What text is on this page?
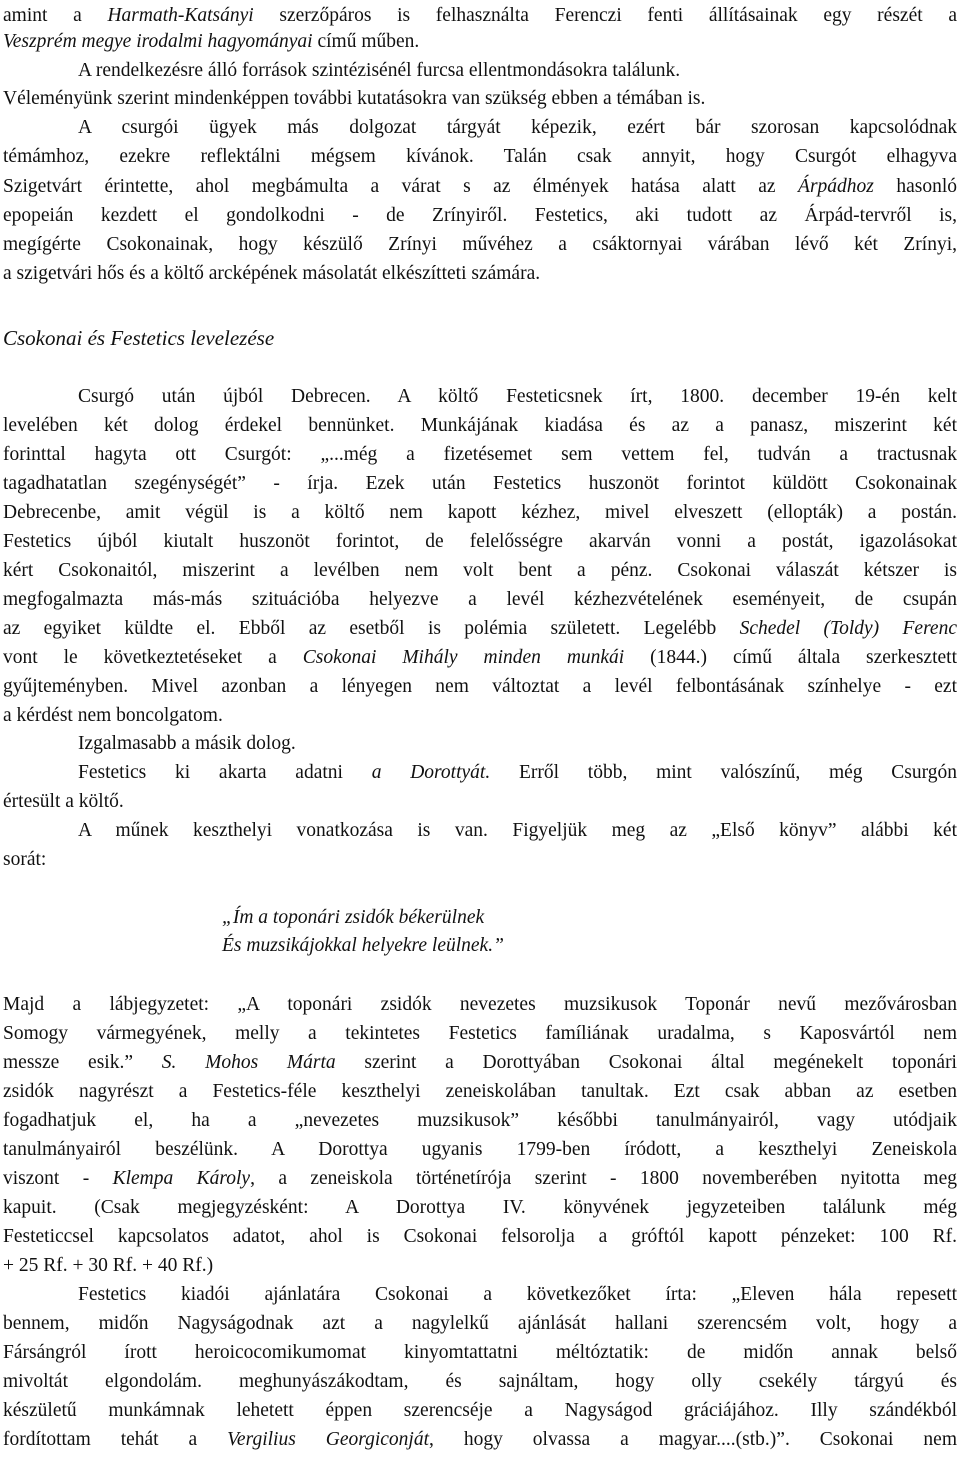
amint a Harmath-Katsányi szerzőpáros is felhasználta Ferenczi fenti állításainak egy részét a
Veszprém megye irodalmi hagyományai című műben.
A rendelkezésre álló források szintézisénél furcsa ellentmondásokra találunk.
Véleményünk szerint mindenképpen további kutatásokra van szükség ebben a témában is.
A csurgói ügyek más dolgozat tárgyát képezik, ezért bár szorosan kapcsolódnak
témámhoz, ezekre reflektálni mégsem kívánok. Talán csak annyit, hogy Csurgót elhagyva
Szigetvárt érintette, ahol megbámulta a várat s az élmények hatása alatt az Árpádhoz hasonló
epopeián kezdett el gondolkodni - de Zrínyiről. Festetics, aki tudott az Árpád-tervről is,
megígérte Csokonainak, hogy készülő Zrínyi művéhez a csáktornyai várában lévő két Zrínyi,
a szigetvári hős és a költő arcképének másolatát elkészítteti számára.
Csokonai és Festetics levelezése
Csurgó után újból Debrecen. A költő Festeticsnek írt, 1800. december 19-én kelt
levelében két dolog érdekel bennünket. Munkájának kiadása és az a panasz, miszerint két
forinttal hagyta ott Csurgót: „...még a fizetésemet sem vettem fel, tudván a tractusnak
tagadhatatlan szegénységét” - írja. Ezek után Festetics huszonöt forintot küldött Csokonainak
Debrecenbe, amit végül is a költő nem kapott kézhez, mivel elveszett (ellopták) a postán.
Festetics újból kiutalt huszonöt forintot, de felelősségre akarván vonni a postát, igazolásokat
kért Csokonaitól, miszerint a levélben nem volt bent a pénz. Csokonai válaszát kétszer is
megfogalmazta más-más szituációba helyezve a levél kézhezvételének eseményeit, de csupán
az egyiket küldte el. Ebből az esetből is polémia született. Legelébb Schedel (Toldy) Ferenc
vont le következtetéseket a Csokonai Mihály minden munkái (1844.) című általa szerkesztett
gyűjteményben. Mivel azonban a lényegen nem változtat a levél felbontásának színhelye - ezt
a kérdést nem boncolgatom.
Izgalmasabb a másik dolog.
Festetics ki akarta adatni a Dorottyát. Erről több, mint valószínű, még Csurgón
értesült a költő.
A műnek keszthelyi vonatkozása is van. Figyeljük meg az „Első könyv” alábbi két
sorát:
„Ím a toponári zsidók békerülnek
És muzsikájokkal helyekre leülnek.”
Majd a lábjegyzetet: „A toponári zsidók nevezetes muzsikusok Toponár nevű mezővárosban
Somogy vármegyének, melly a tekintetes Festetics famíliának uradalma, s Kaposvártól nem
messze esik.” S. Mohos Márta szerint a Dorottyában Csokonai által megénekelt toponári
zsidók nagyrészt a Festetics-féle keszthelyi zeneiskolában tanultak. Ezt csak abban az esetben
fogadhatjuk el, ha a „nevezetes muzsikusok” későbbi tanulmányairól, vagy utódjaik
tanulmányairól beszélünk. A Dorottya ugyanis 1799-ben íródott, a keszthelyi Zeneiskola
viszont - Klempa Károly, a zeneiskola történetírója szerint - 1800 novemberében nyitotta meg
kapuit. (Csak megjegyzésként: A Dorottya IV. könyvének jegyzeteiben találunk még
Festeticcsel kapcsolatos adatot, ahol is Csokonai felsorolja a gróftól kapott pénzeket: 100 Rf.
+ 25 Rf. + 30 Rf. + 40 Rf.)
Festetics kiadói ajánlatára Csokonai a következőket írta: „Eleven hála repesett
bennem, midőn Nagyságodnak azt a nagylelkű ajánlását hallani szerencsém volt, hogy a
Fársángról írott heroicocomikumomat kinyomtattatni méltóztatik: de midőn annak belső
mivoltát elgondolám. meghunyászákodtam, és sajnáltam, hogy olly csekély tárgyú és
készületű munkámnak lehetett éppen szerencséje a Nagyságod gráciájához. Illy szándékból
fordítottam tehát a Vergilius Georgiconját, hogy olvassa a magyar....(stb.)”. Csokonai nem
